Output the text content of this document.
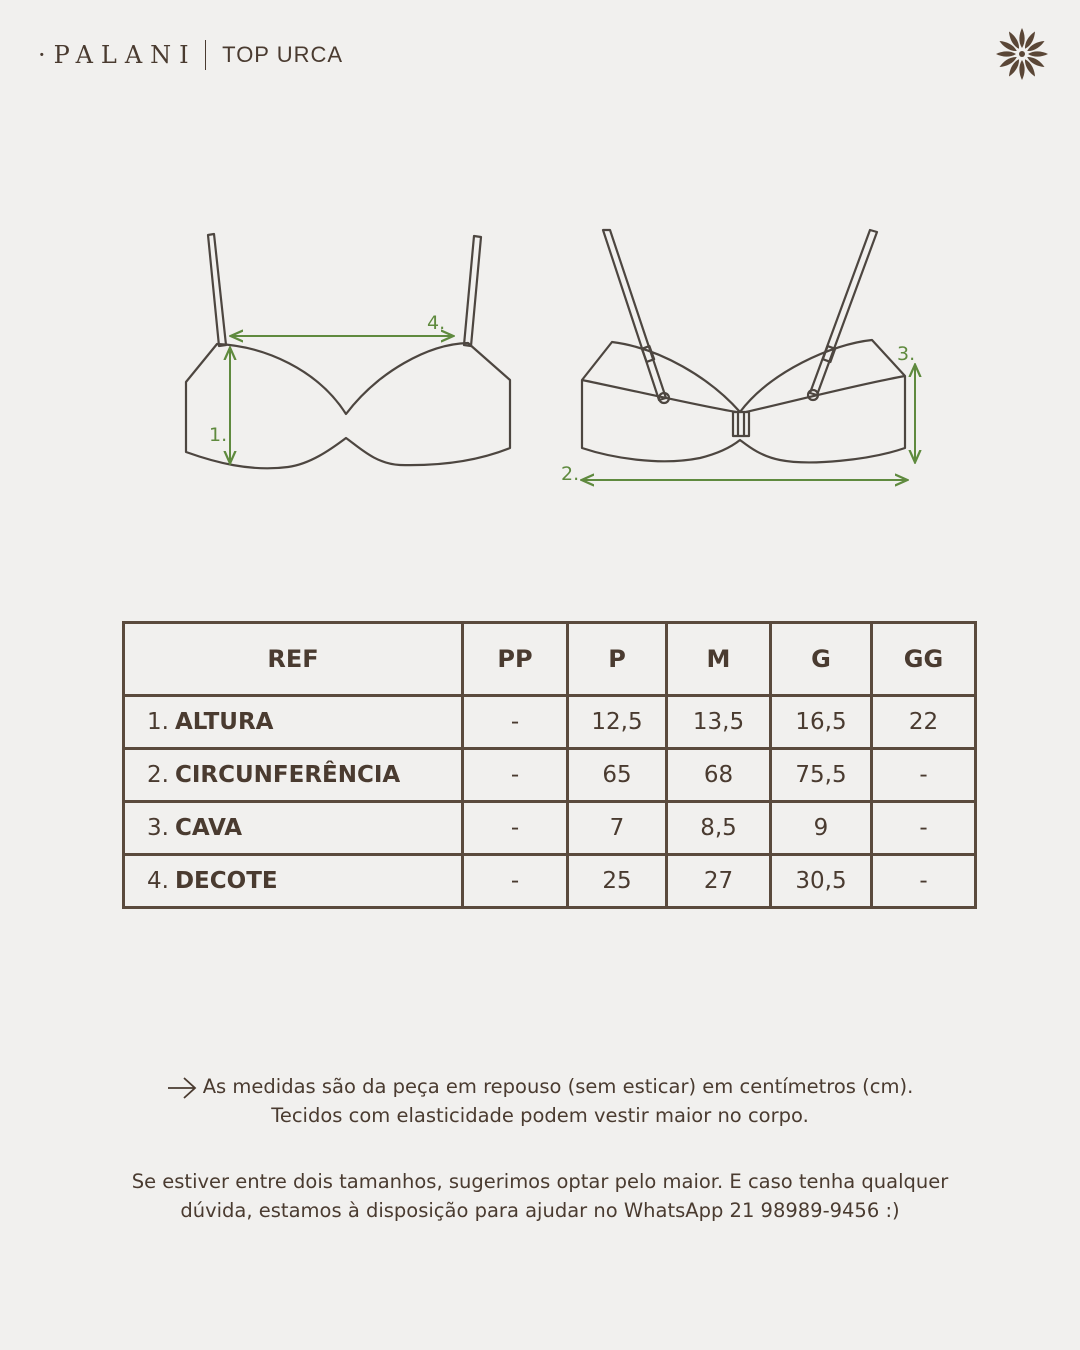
·PALANI TOP URCA
1.
4.
2.
3.
REF	PP	P	M	G	GG
1. ALTURA	-	12,5	13,5	16,5	22
2. CIRCUNFERÊNCIA	-	65	68	75,5	-
3. CAVA	-	7	8,5	9	-
4. DECOTE	-	25	27	30,5	-
As medidas são da peça em repouso (sem esticar) em centímetros (cm).
Tecidos com elasticidade podem vestir maior no corpo.
Se estiver entre dois tamanhos, sugerimos optar pelo maior. E caso tenha qualquer
dúvida, estamos à disposição para ajudar no WhatsApp 21 98989-9456 :)
